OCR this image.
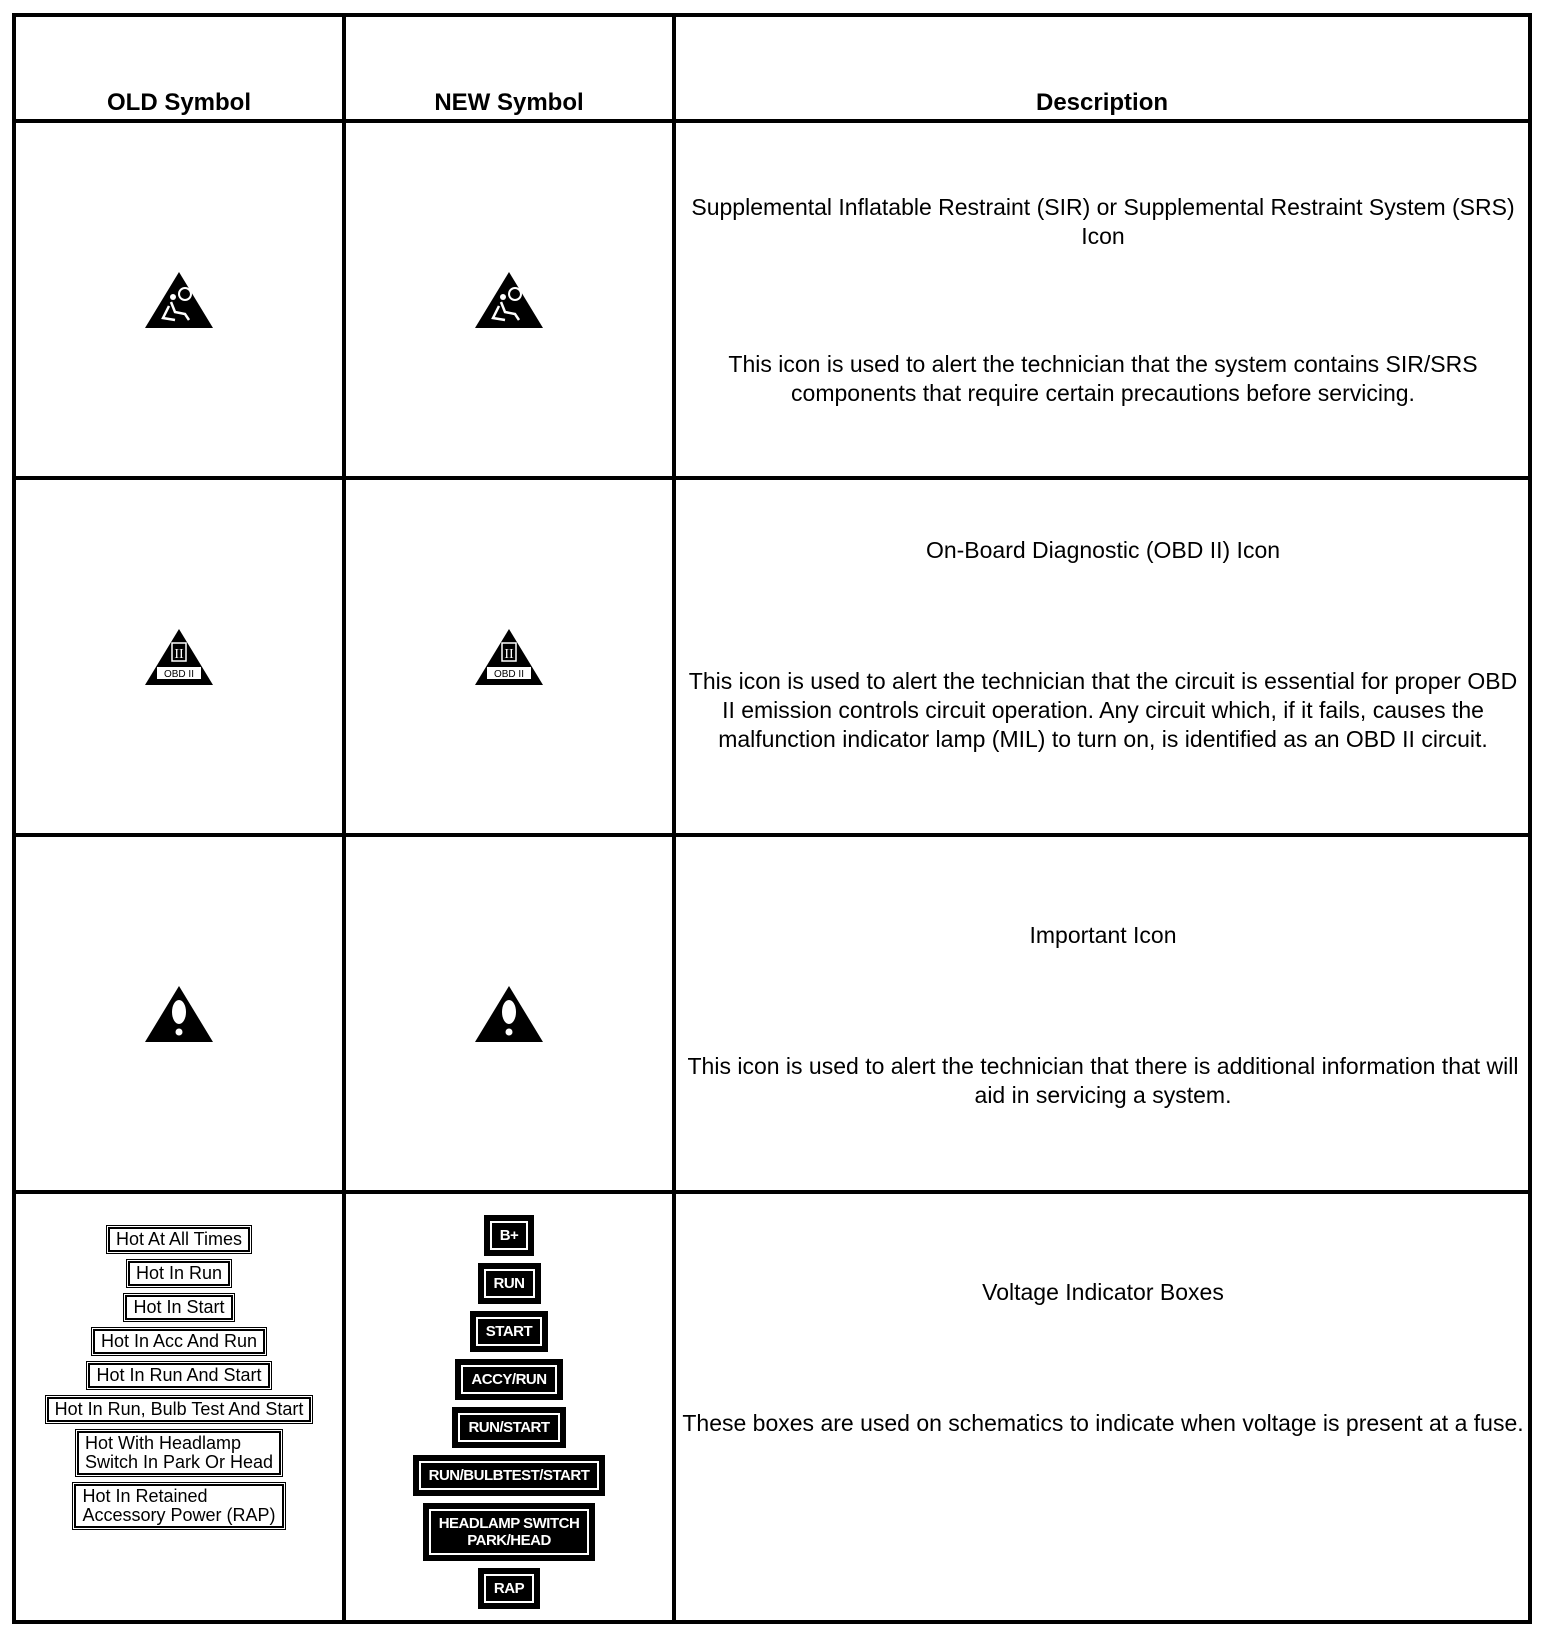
OLD Symbol	NEW Symbol	Description
Supplemental Inflatable Restraint (SIR) or Supplemental Restraint System (SRS) Icon
This icon is used to alert the technician that the system contains SIR/SRS components that require certain precautions before servicing.
II
OBD II
II
OBD II
On-Board Diagnostic (OBD II) Icon
This icon is used to alert the technician that the circuit is essential for proper OBD II emission controls circuit operation. Any circuit which, if it fails, causes the malfunction indicator lamp (MIL) to turn on, is identified as an OBD II circuit.
Important Icon
This icon is used to alert the technician that there is additional information that will aid in servicing a system.
Hot At All Times
Hot In Run
Hot In Start
Hot In Acc And Run
Hot In Run And Start
Hot In Run, Bulb Test And Start
Hot With Headlamp
Switch In Park Or Head
Hot In Retained
Accessory Power (RAP)
B+
RUN
START
ACCY/RUN
RUN/START
RUN/BULBTEST/START
HEADLAMP SWITCH
PARK/HEAD
RAP
Voltage Indicator Boxes
These boxes are used on schematics to indicate when voltage is present at a fuse.
